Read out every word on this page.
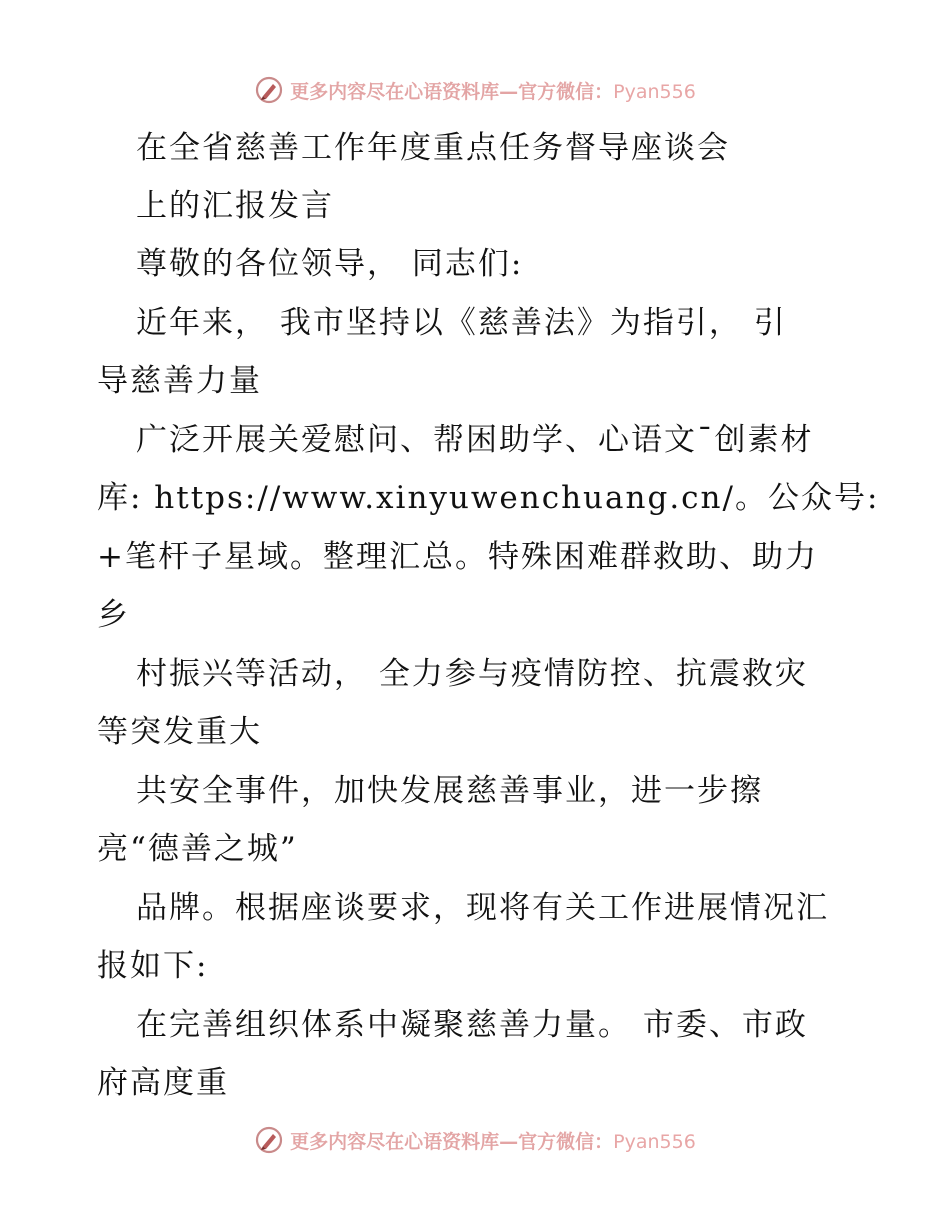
更多内容尽在心语资料库—官方微信：Pyan556
在全省慈善工作年度重点任务督导座谈会
上的汇报发言
尊敬的各位领导， 同志们:
近年来， 我市坚持以《慈善法》为指引， 引
导慈善力量
广泛开展关爱慰问、帮困助学、心语文¯创素材
库: https://www.xinyuwenchuang.cn/。公众号:
+笔杆子星域。整理汇总。特殊困难群救助、助力
乡
村振兴等活动， 全力参与疫情防控、抗震救灾
等突发重大
共安全事件，加快发展慈善事业，进一步擦
亮“德善之城”
品牌。根据座谈要求，现将有关工作进展情况汇
报如下:
在完善组织体系中凝聚慈善力量。 市委、市政
府高度重
更多内容尽在心语资料库—官方微信：Pyan556
